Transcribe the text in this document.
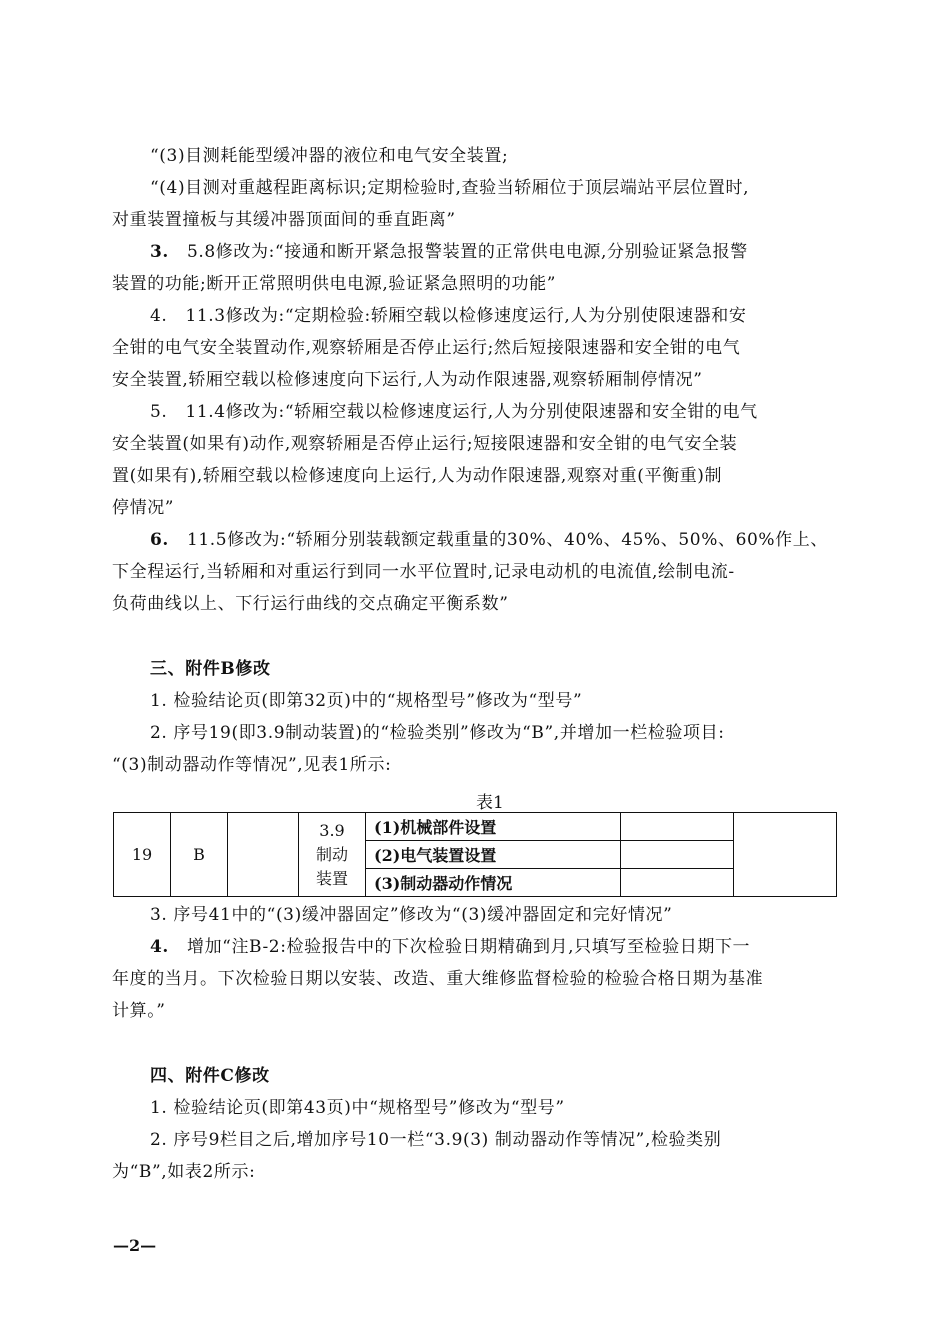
“(3)目测耗能型缓冲器的液位和电气安全装置;
“(4)目测对重越程距离标识;定期检验时,查验当轿厢位于顶层端站平层位置时,
对重装置撞板与其缓冲器顶面间的垂直距离”
3. 5.8修改为:“接通和断开紧急报警装置的正常供电电源,分别验证紧急报警
装置的功能;断开正常照明供电电源,验证紧急照明的功能”
4. 11.3修改为:“定期检验:轿厢空载以检修速度运行,人为分别使限速器和安
全钳的电气安全装置动作,观察轿厢是否停止运行;然后短接限速器和安全钳的电气
安全装置,轿厢空载以检修速度向下运行,人为动作限速器,观察轿厢制停情况”
5. 11.4修改为:“轿厢空载以检修速度运行,人为分别使限速器和安全钳的电气
安全装置(如果有)动作,观察轿厢是否停止运行;短接限速器和安全钳的电气安全装
置(如果有),轿厢空载以检修速度向上运行,人为动作限速器,观察对重(平衡重)制
停情况”
6. 11.5修改为:“轿厢分别装载额定载重量的30%、40%、45%、50%、60%作上、
下全程运行,当轿厢和对重运行到同一水平位置时,记录电动机的电流值,绘制电流-
负荷曲线以上、下行运行曲线的交点确定平衡系数”
三、附件B修改
1. 检验结论页(即第32页)中的“规格型号”修改为“型号”
2. 序号19(即3.9制动装置)的“检验类别”修改为“B”,并增加一栏检验项目:
“(3)制动器动作等情况”,见表1所示:
表1
19	B		3.9
制动
装置	(1)机械部件设置		
				(2)电气装置设置		
				(3)制动器动作情况		
3. 序号41中的“(3)缓冲器固定”修改为“(3)缓冲器固定和完好情况”
4. 增加“注B-2:检验报告中的下次检验日期精确到月,只填写至检验日期下一
年度的当月。下次检验日期以安装、改造、重大维修监督检验的检验合格日期为基准
计算。”
四、附件C修改
1. 检验结论页(即第43页)中“规格型号”修改为“型号”
2. 序号9栏目之后,增加序号10一栏“3.9(3) 制动器动作等情况”,检验类别
为“B”,如表2所示:
—2—
